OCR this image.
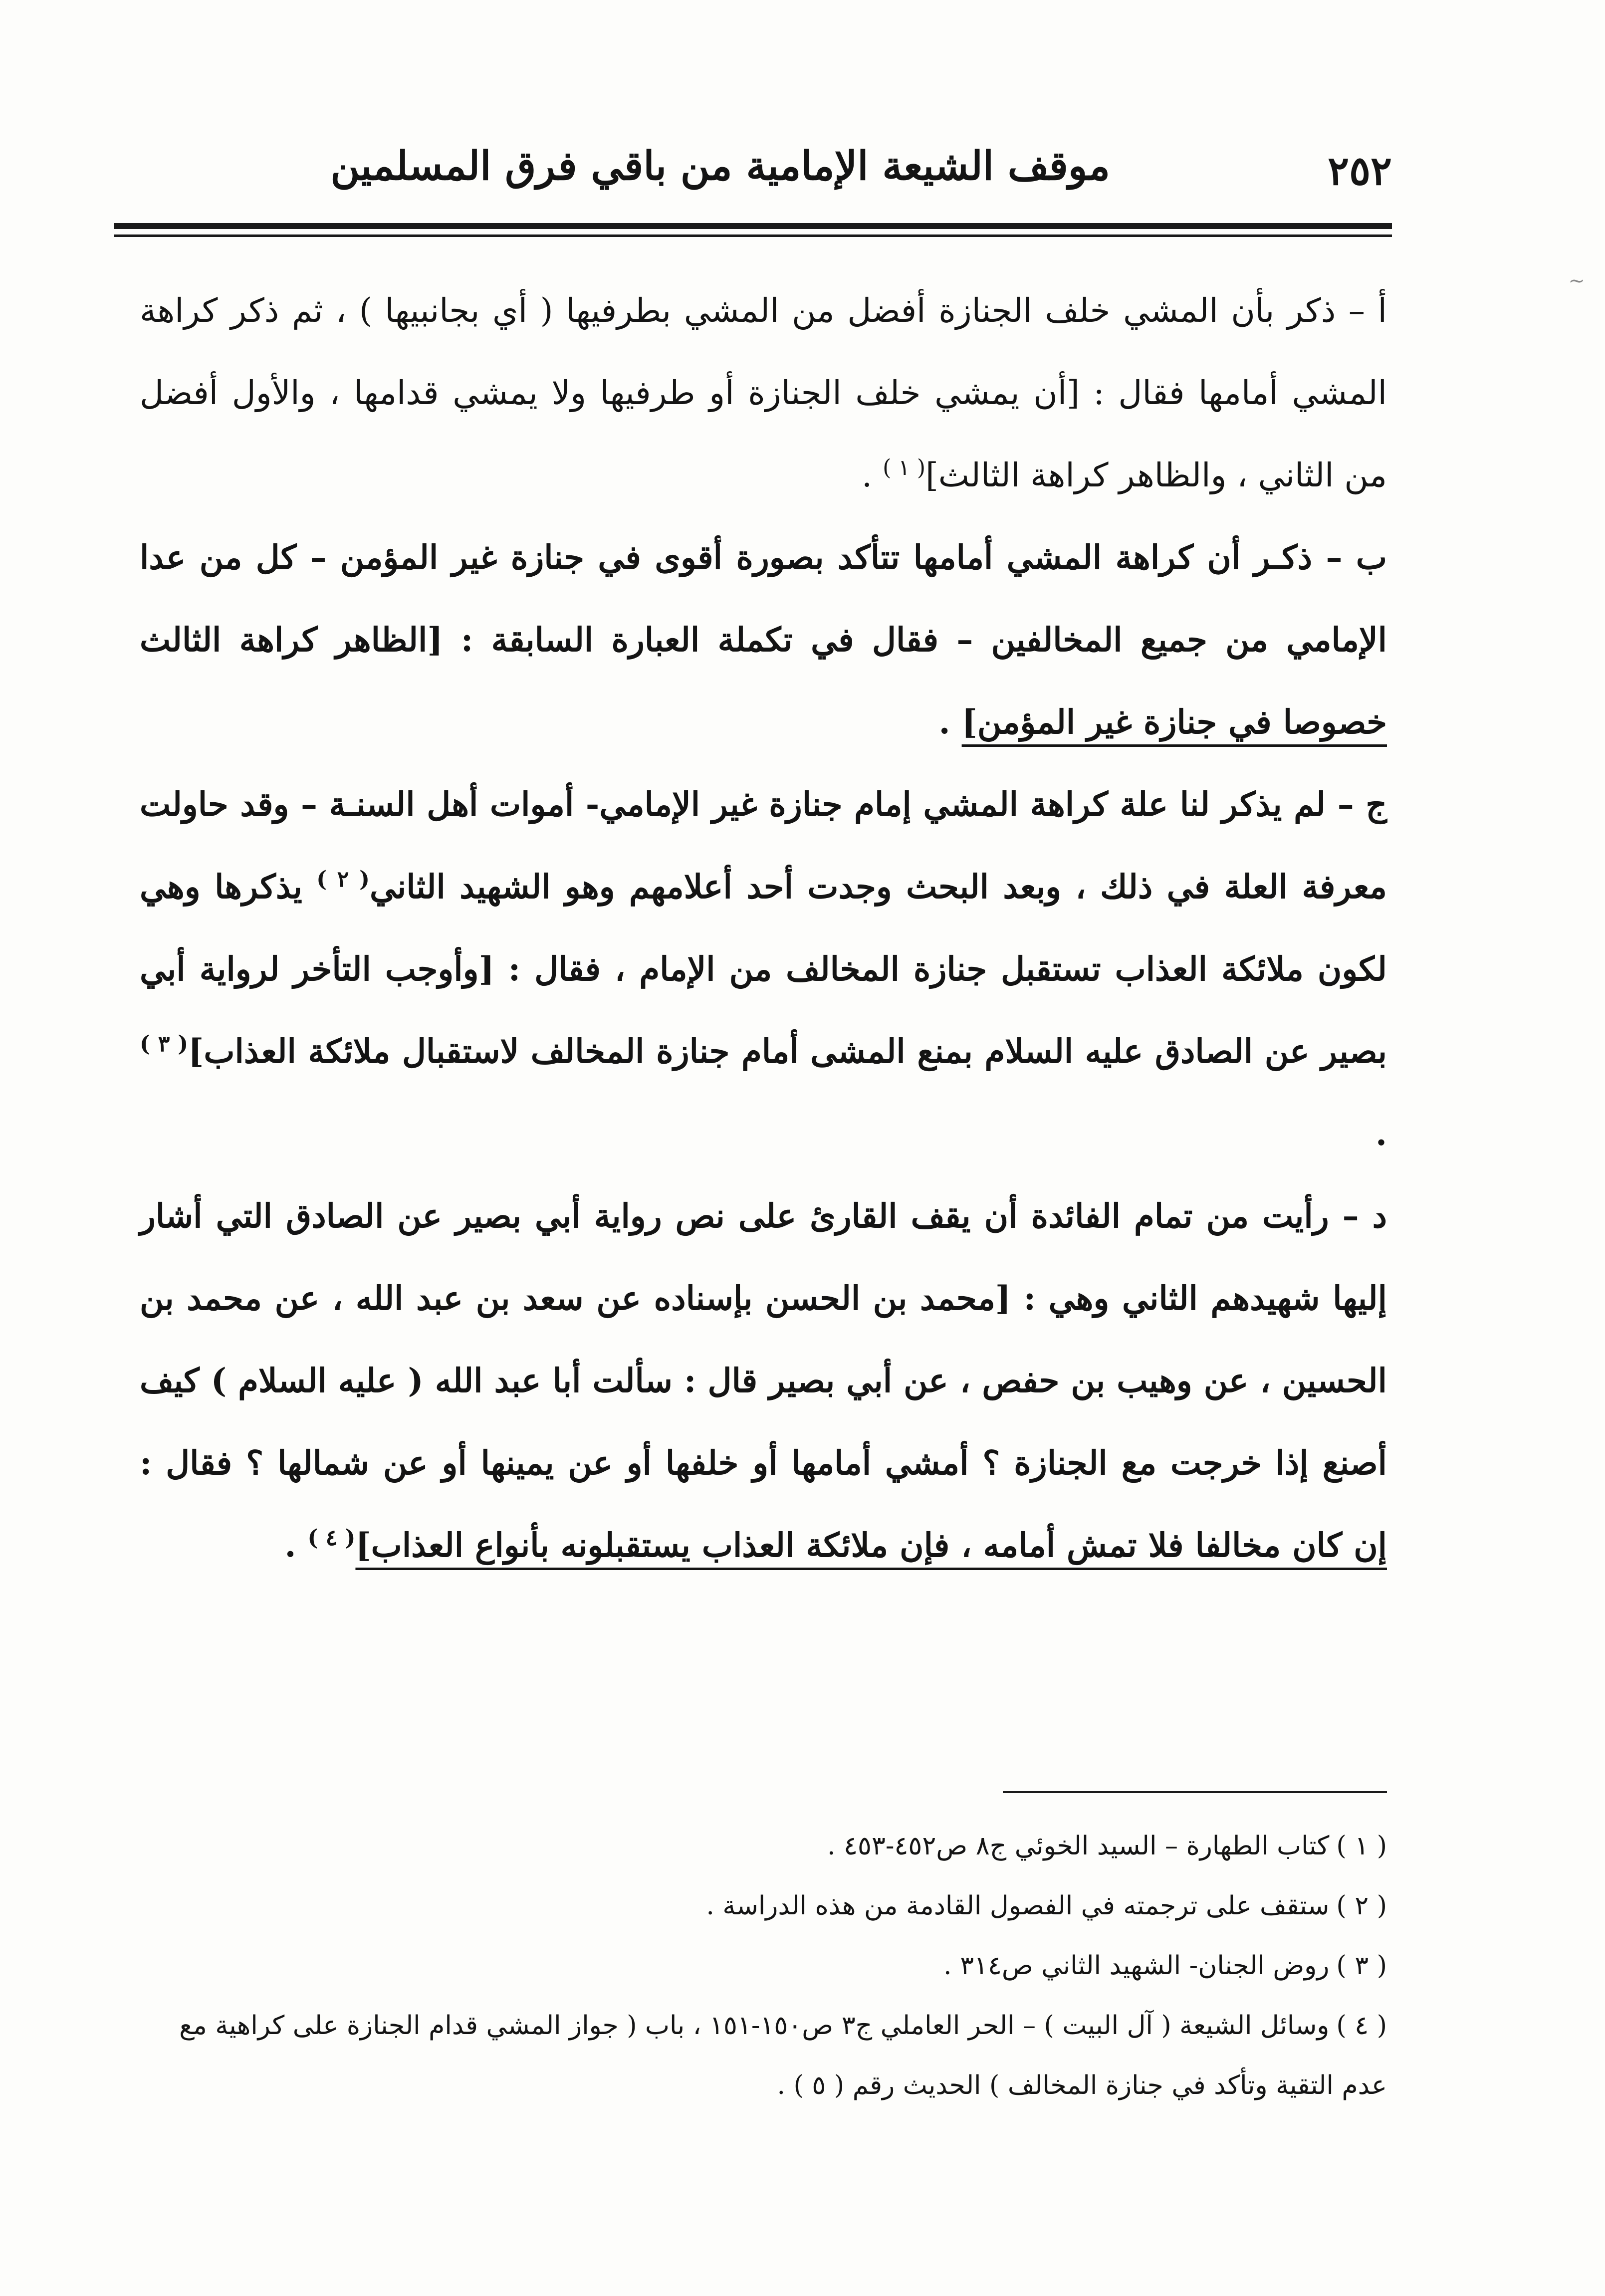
٢٥٢
موقف الشيعة الإمامية من باقي فرق المسلمين
~

أ – ذكر بأن المشي خلف الجنازة أفضل من المشي بطرفيها ( أي بجانبيها ) ، ثم ذكر كراهة المشي أمامها فقال : [أن يمشي خلف الجنازة أو طرفيها ولا يمشي قدامها ، والأول أفضل من الثاني ، والظاهر كراهة الثالث]$^{( ١ )}$ .

ب – ذكـر أن كراهة المشي أمامها تتأكد بصورة أقوى في جنازة غير المؤمن – كل من عدا الإمامي من جميع المخالفين – فقال في تكملة العبارة السابقة : [الظاهر كراهة الثالث خصوصا في جنازة غير المؤمن] .

ج – لم يذكر لنا علة كراهة المشي إمام جنازة غير الإمامي- أموات أهل السنـة – وقد حاولت معرفة العلة في ذلك ، وبعد البحث وجدت أحد أعلامهم وهو الشهيد الثاني$^{( ٢ )}$ يذكرها وهي لكون ملائكة العذاب تستقبل جنازة المخالف من الإمام ، فقال : [وأوجب التأخر لرواية أبي بصير عن الصادق عليه السلام بمنع المشى أمام جنازة المخالف لاستقبال ملائكة العذاب]$^{( ٣ )}$ .

د – رأيت من تمام الفائدة أن يقف القارئ على نص رواية أبي بصير عن الصادق التي أشار إليها شهيدهم الثاني وهي : [محمد بن الحسن بإسناده عن سعد بن عبد الله ، عن محمد بن الحسين ، عن وهيب بن حفص ، عن أبي بصير قال : سألت أبا عبد الله ( عليه السلام ) كيف أصنع إذا خرجت مع الجنازة ؟ أمشي أمامها أو خلفها أو عن يمينها أو عن شمالها ؟ فقال : إن كان مخالفا فلا تمش أمامه ، فإن ملائكة العذاب يستقبلونه بأنواع العذاب]$^{( ٤ )}$ .

( ١ )كتاب الطهارة – السيد الخوئي ج٨ ص٤٥٢-٤٥٣ .

( ٢ )ستقف على ترجمته في الفصول القادمة من هذه الدراسة .

( ٣ )روض الجنان- الشهيد الثاني ص٣١٤ .

( ٤ )وسائل الشيعة ( آل البيت ) – الحر العاملي ج٣ ص١٥٠-١٥١ ، باب ( جواز المشي قدام الجنازة على كراهية مع عدم التقية وتأكد في جنازة المخالف ) الحديث رقم ( ٥ ) .
